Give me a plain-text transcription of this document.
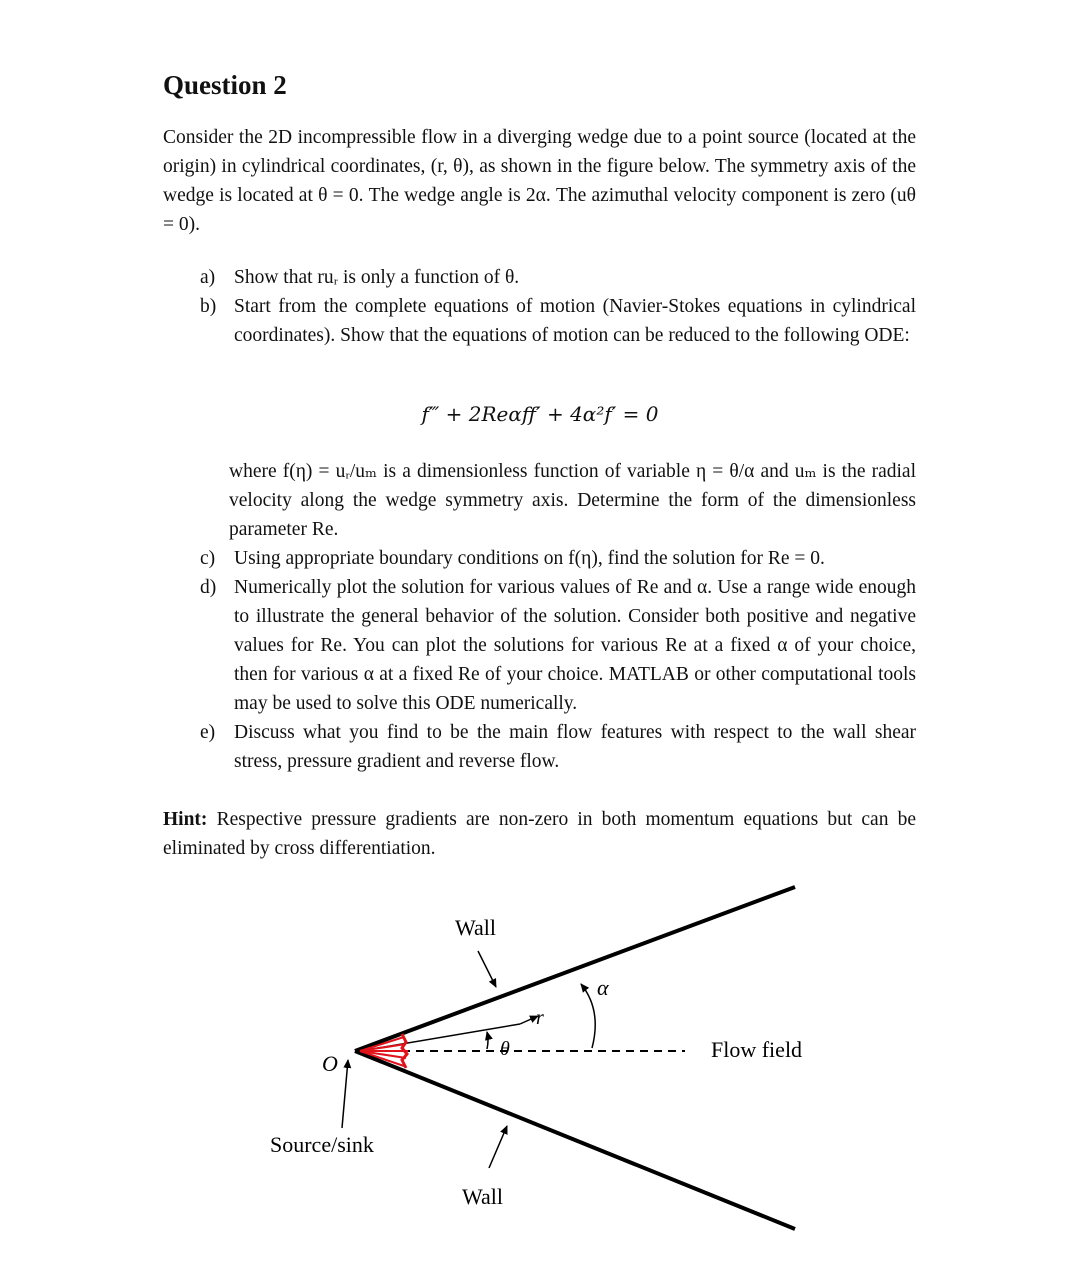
Question 2
Consider the 2D incompressible flow in a diverging wedge due to a point source (located at the origin) in cylindrical coordinates, (r, θ), as shown in the figure below. The symmetry axis of the wedge is located at θ = 0. The wedge angle is 2α. The azimuthal velocity component is zero (uθ = 0).
a) Show that ruᵣ is only a function of θ.
b) Start from the complete equations of motion (Navier-Stokes equations in cylindrical coordinates). Show that the equations of motion can be reduced to the following ODE:
f‴ + 2Reαff′ + 4α²f′ = 0
where f(η) = uᵣ/uₘ is a dimensionless function of variable η = θ/α and uₘ is the radial velocity along the wedge symmetry axis. Determine the form of the dimensionless parameter Re.
c) Using appropriate boundary conditions on f(η), find the solution for Re = 0.
d) Numerically plot the solution for various values of Re and α. Use a range wide enough to illustrate the general behavior of the solution. Consider both positive and negative values for Re. You can plot the solutions for various Re at a fixed α of your choice, then for various α at a fixed Re of your choice. MATLAB or other computational tools may be used to solve this ODE numerically.
e) Discuss what you find to be the main flow features with respect to the wall shear stress, pressure gradient and reverse flow.
Hint: Respective pressure gradients are non-zero in both momentum equations but can be eliminated by cross differentiation.
Wall
Wall
α
r
θ
O
Flow field
Source/sink
